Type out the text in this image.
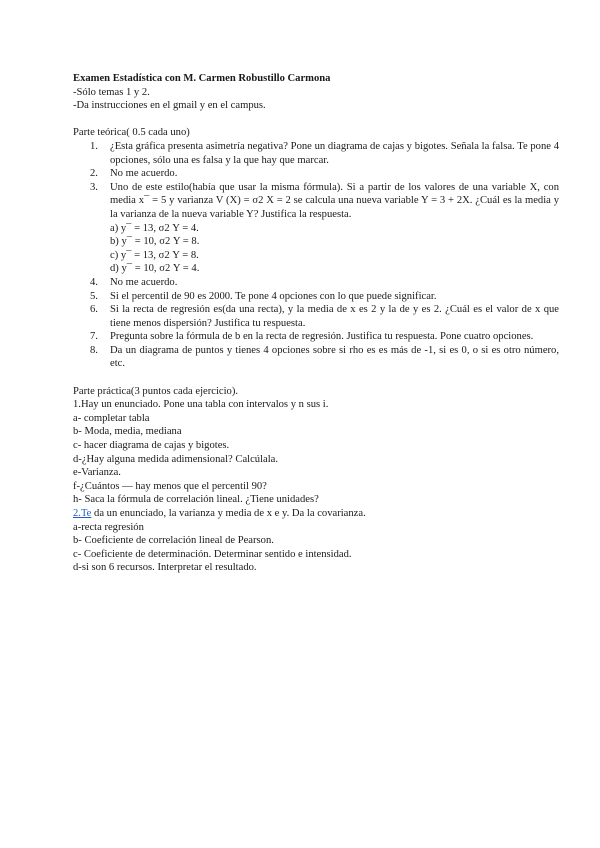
Examen Estadística con M. Carmen Robustillo Carmona

-Sólo temas 1 y 2.

-Da instrucciones en el gmail y en el campus.

Parte teórica( 0.5 cada uno)

1. ¿Esta gráfica presenta asimetría negativa? Pone un diagrama de cajas y bigotes. Señala la falsa. Te pone 4 opciones, sólo una es falsa y la que hay que marcar.
2. No me acuerdo.
3. Uno de este estilo(había que usar la misma fórmula). Si a partir de los valores de una variable X, con media x¯ = 5 y varianza V (X) = σ2 X = 2 se calcula una nueva variable Y = 3 + 2X. ¿Cuál es la media y la varianza de la nueva variable Y? Justifica la respuesta.

a) y¯ = 13, σ2 Y = 4.

b) y¯ = 10, σ2 Y = 8.

c) y¯ = 13, σ2 Y = 8.

d) y¯ = 10, σ2 Y = 4.

4. No me acuerdo.
5. Si el percentil de 90 es 2000. Te pone 4 opciones con lo que puede significar.
6. Si la recta de regresión es(da una recta), y la media de x es 2 y la de y es 2. ¿Cuál es el valor de x que tiene menos dispersión? Justifica tu respuesta.
7. Pregunta sobre la fórmula de b en la recta de regresión. Justifica tu respuesta. Pone cuatro opciones.
8. Da un diagrama de puntos y tienes 4 opciones sobre si rho es es más de -1, si es 0, o si es otro número, etc.

Parte práctica(3 puntos cada ejercicio).

1.Hay un enunciado. Pone una tabla con intervalos y n sus i.

a- completar tabla

b- Moda, media, mediana

c- hacer diagrama de cajas y bigotes.

d-¿Hay alguna medida adimensional? Calcúlala.

e-Varianza.

f-¿Cuántos — hay menos que el percentil 90?

h- Saca la fórmula de correlación lineal. ¿Tiene unidades?

2.Te da un enunciado, la varianza y media de x e y. Da la covarianza.

a-recta regresión

b- Coeficiente de correlación lineal de Pearson.

c- Coeficiente de determinación. Determinar sentido e intensidad.

d-si son 6 recursos. Interpretar el resultado.
